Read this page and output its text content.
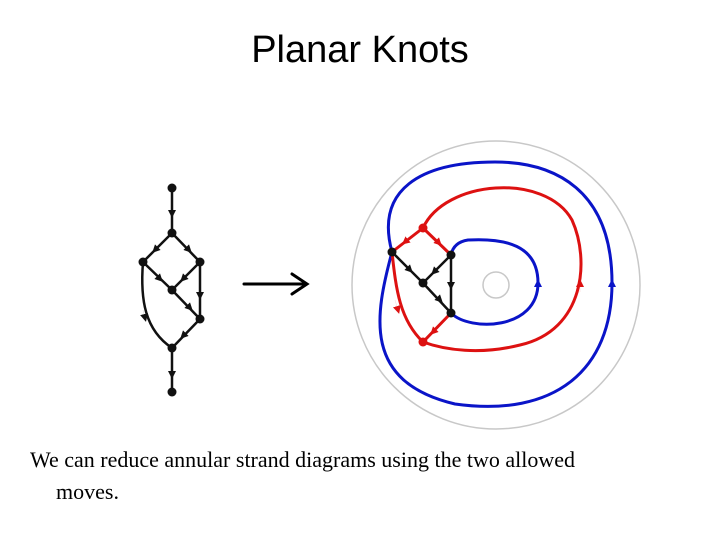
Planar Knots
We can reduce annular strand diagrams using the two allowed
moves.
